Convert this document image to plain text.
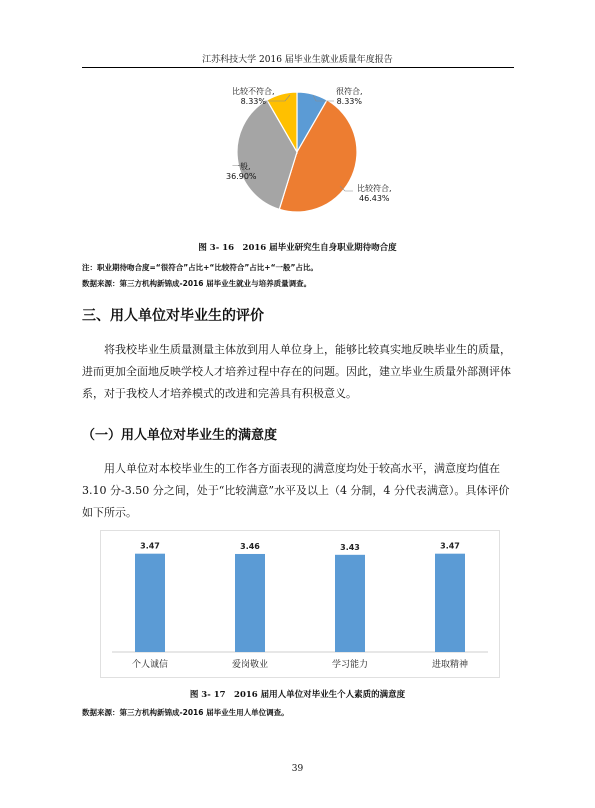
江苏科技大学 2016 届毕业生就业质量年度报告
比较不符合,
8.33%
很符合,
8.33%
一般,
36.90%
比较符合,
46.43%
图 3- 16　2016 届毕业研究生自身职业期待吻合度
注：职业期待吻合度=“很符合”占比+“比较符合”占比+“一般”占比。
数据来源：第三方机构新锦成-2016 届毕业生就业与培养质量调查。
三、用人单位对毕业生的评价

将我校毕业生质量测量主体放到用人单位身上，能够比较真实地反映毕业生的质量，进而更加全面地反映学校人才培养过程中存在的问题。因此，建立毕业生质量外部测评体系，对于我校人才培养模式的改进和完善具有积极意义。

（一）用人单位对毕业生的满意度

用人单位对本校毕业生的工作各方面表现的满意度均处于较高水平，满意度均值在 3.10 分-3.50 分之间，处于“比较满意”水平及以上（4 分制，4 分代表满意）。具体评价如下所示。

3.47
个人诚信
3.46
爱岗敬业
3.43
学习能力
3.47
进取精神
图 3- 17　2016 届用人单位对毕业生个人素质的满意度
数据来源：第三方机构新锦成-2016 届毕业生用人单位调查。
39
